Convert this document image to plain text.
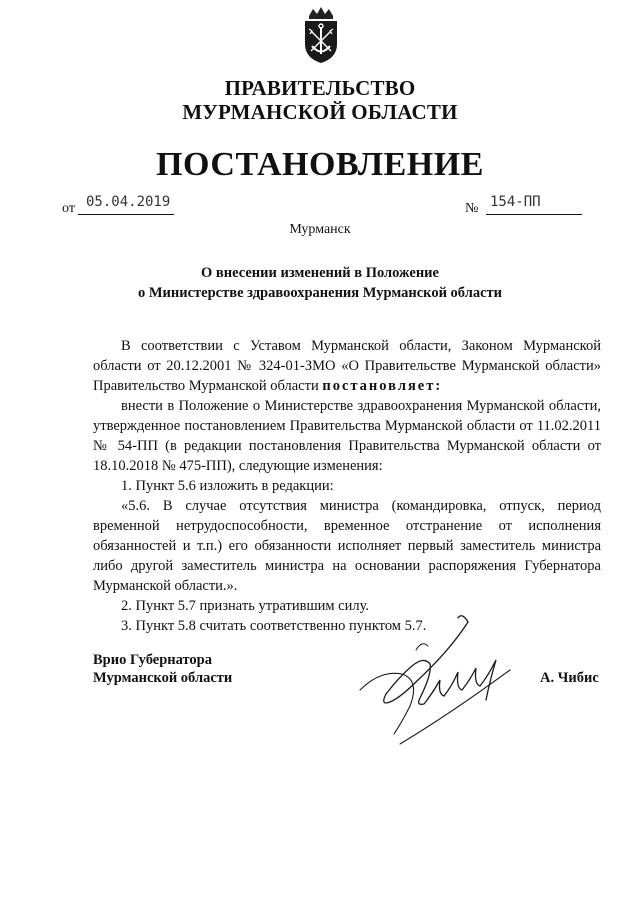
ПРАВИТЕЛЬСТВО
МУРМАНСКОЙ ОБЛАСТИ
ПОСТАНОВЛЕНИЕ
от 05.04.2019	№ 154-ПП
Мурманск
О внесении изменений в Положение
о Министерстве здравоохранения Мурманской области

В соответствии с Уставом Мурманской области, Законом Мурманской области от 20.12.2001 № 324-01-ЗМО «О Правительстве Мурманской области» Правительство Мурманской области постановляет:

внести в Положение о Министерстве здравоохранения Мурманской области, утвержденное постановлением Правительства Мурманской области от 11.02.2011 № 54-ПП (в редакции постановления Правительства Мурманской области от 18.10.2018 № 475-ПП), следующие изменения:

1. Пункт 5.6 изложить в редакции:

«5.6. В случае отсутствия министра (командировка, отпуск, период временной нетрудоспособности, временное отстранение от исполнения обязанностей и т.п.) его обязанности исполняет первый заместитель министра либо другой заместитель министра на основании распоряжения Губернатора Мурманской области.».

2. Пункт 5.7 признать утратившим силу.

3. Пункт 5.8 считать соответственно пунктом 5.7.

Врио Губернатора
Мурманской области	А. Чибис
